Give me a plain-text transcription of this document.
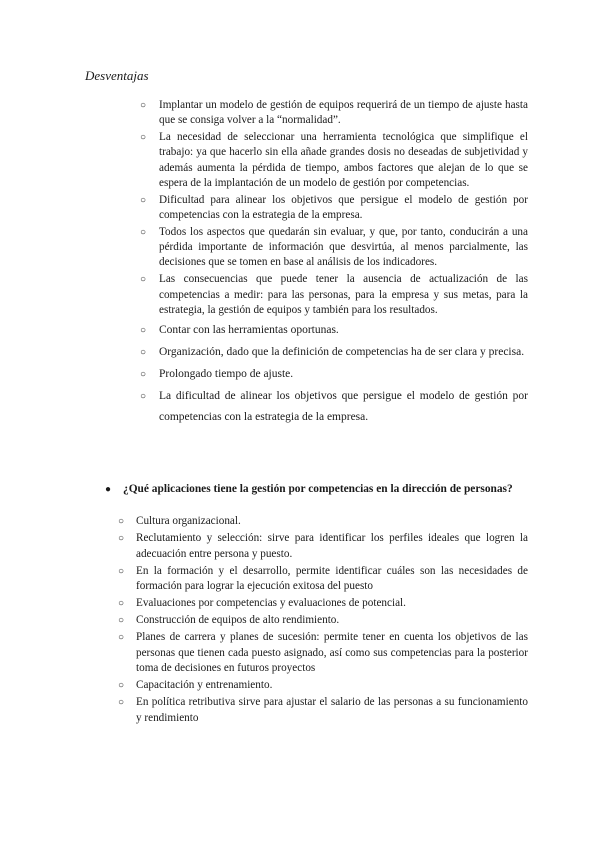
Desventajas
○ Implantar un modelo de gestión de equipos requerirá de un tiempo de ajuste hasta que se consiga volver a la “normalidad”.
○ La necesidad de seleccionar una herramienta tecnológica que simplifique el trabajo: ya que hacerlo sin ella añade grandes dosis no deseadas de subjetividad y además aumenta la pérdida de tiempo, ambos factores que alejan de lo que se espera de la implantación de un modelo de gestión por competencias.
○ Dificultad para alinear los objetivos que persigue el modelo de gestión por competencias con la estrategia de la empresa.
○ Todos los aspectos que quedarán sin evaluar, y que, por tanto, conducirán a una pérdida importante de información que desvirtúa, al menos parcialmente, las decisiones que se tomen en base al análisis de los indicadores.
○ Las consecuencias que puede tener la ausencia de actualización de las competencias a medir: para las personas, para la empresa y sus metas, para la estrategia, la gestión de equipos y también para los resultados.
○ Contar con las herramientas oportunas.
○ Organización, dado que la definición de competencias ha de ser clara y precisa.
○ Prolongado tiempo de ajuste.
○ La dificultad de alinear los objetivos que persigue el modelo de gestión por competencias con la estrategia de la empresa.
● ¿Qué aplicaciones tiene la gestión por competencias en la dirección de personas?
○ Cultura organizacional.
○ Reclutamiento y selección: sirve para identificar los perfiles ideales que logren la adecuación entre persona y puesto.
○ En la formación y el desarrollo, permite identificar cuáles son las necesidades de formación para lograr la ejecución exitosa del puesto
○ Evaluaciones por competencias y evaluaciones de potencial.
○ Construcción de equipos de alto rendimiento.
○ Planes de carrera y planes de sucesión: permite tener en cuenta los objetivos de las personas que tienen cada puesto asignado, así como sus competencias para la posterior toma de decisiones en futuros proyectos
○ Capacitación y entrenamiento.
○ En política retributiva sirve para ajustar el salario de las personas a su funcionamiento y rendimiento
